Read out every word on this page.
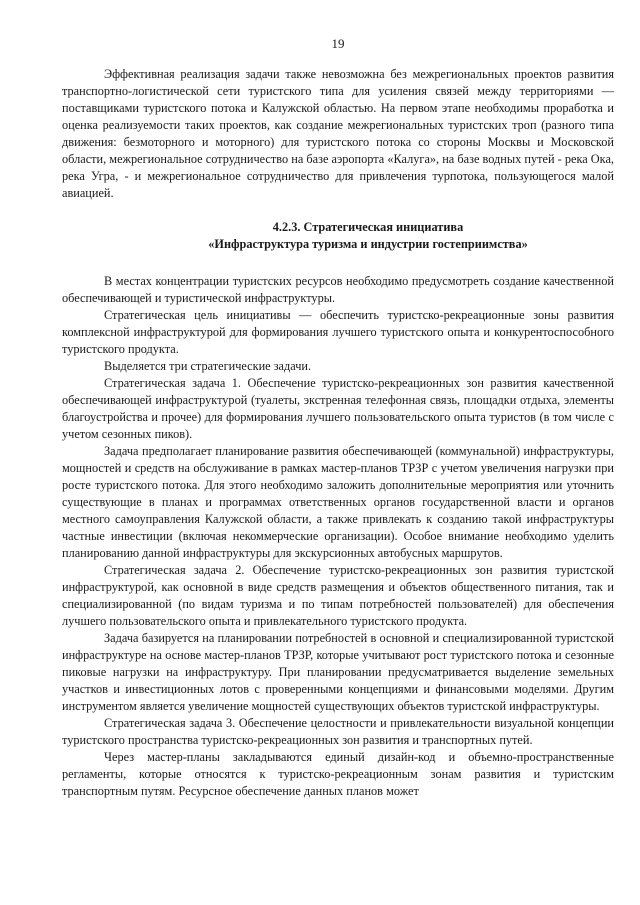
19

Эффективная реализация задачи также невозможна без межрегиональных проектов развития транспортно-логистической сети туристского типа для усиления связей между территориями — поставщиками туристского потока и Калужской областью. На первом этапе необходимы проработка и оценка реализуемости таких проектов, как создание межрегиональных туристских троп (разного типа движения: безмоторного и моторного) для туристского потока со стороны Москвы и Московской области, межрегиональное сотрудничество на базе аэропорта «Калуга», на базе водных путей - река Ока, река Угра, - и межрегиональное сотрудничество для привлечения турпотока, пользующегося малой авиацией.

4.2.3. Стратегическая инициатива

«Инфраструктура туризма и индустрии гостеприимства»

В местах концентрации туристских ресурсов необходимо предусмотреть создание качественной обеспечивающей и туристической инфраструктуры.

Стратегическая цель инициативы — обеспечить туристско-рекреационные зоны развития комплексной инфраструктурой для формирования лучшего туристского опыта и конкурентоспособного туристского продукта.

Выделяется три стратегические задачи.

Стратегическая задача 1. Обеспечение туристско-рекреационных зон развития качественной обеспечивающей инфраструктурой (туалеты, экстренная телефонная связь, площадки отдыха, элементы благоустройства и прочее) для формирования лучшего пользовательского опыта туристов (в том числе с учетом сезонных пиков).

Задача предполагает планирование развития обеспечивающей (коммунальной) инфраструктуры, мощностей и средств на обслуживание в рамках мастер-планов ТРЗР с учетом увеличения нагрузки при росте туристского потока. Для этого необходимо заложить дополнительные мероприятия или уточнить существующие в планах и программах ответственных органов государственной власти и органов местного самоуправления Калужской области, а также привлекать к созданию такой инфраструктуры частные инвестиции (включая некоммерческие организации). Особое внимание необходимо уделить планированию данной инфраструктуры для экскурсионных автобусных маршрутов.

Стратегическая задача 2. Обеспечение туристско-рекреационных зон развития туристской инфраструктурой, как основной в виде средств размещения и объектов общественного питания, так и специализированной (по видам туризма и по типам потребностей пользователей) для обеспечения лучшего пользовательского опыта и привлекательного туристского продукта.

Задача базируется на планировании потребностей в основной и специализированной туристской инфраструктуре на основе мастер-планов ТРЗР, которые учитывают рост туристского потока и сезонные пиковые нагрузки на инфраструктуру. При планировании предусматривается выделение земельных участков и инвестиционных лотов с проверенными концепциями и финансовыми моделями. Другим инструментом является увеличение мощностей существующих объектов туристской инфраструктуры.

Стратегическая задача 3. Обеспечение целостности и привлекательности визуальной концепции туристского пространства туристско-рекреационных зон развития и транспортных путей.

Через мастер-планы закладываются единый дизайн-код и объемно-пространственные регламенты, которые относятся к туристско-рекреационным зонам развития и туристским транспортным путям. Ресурсное обеспечение данных планов может
